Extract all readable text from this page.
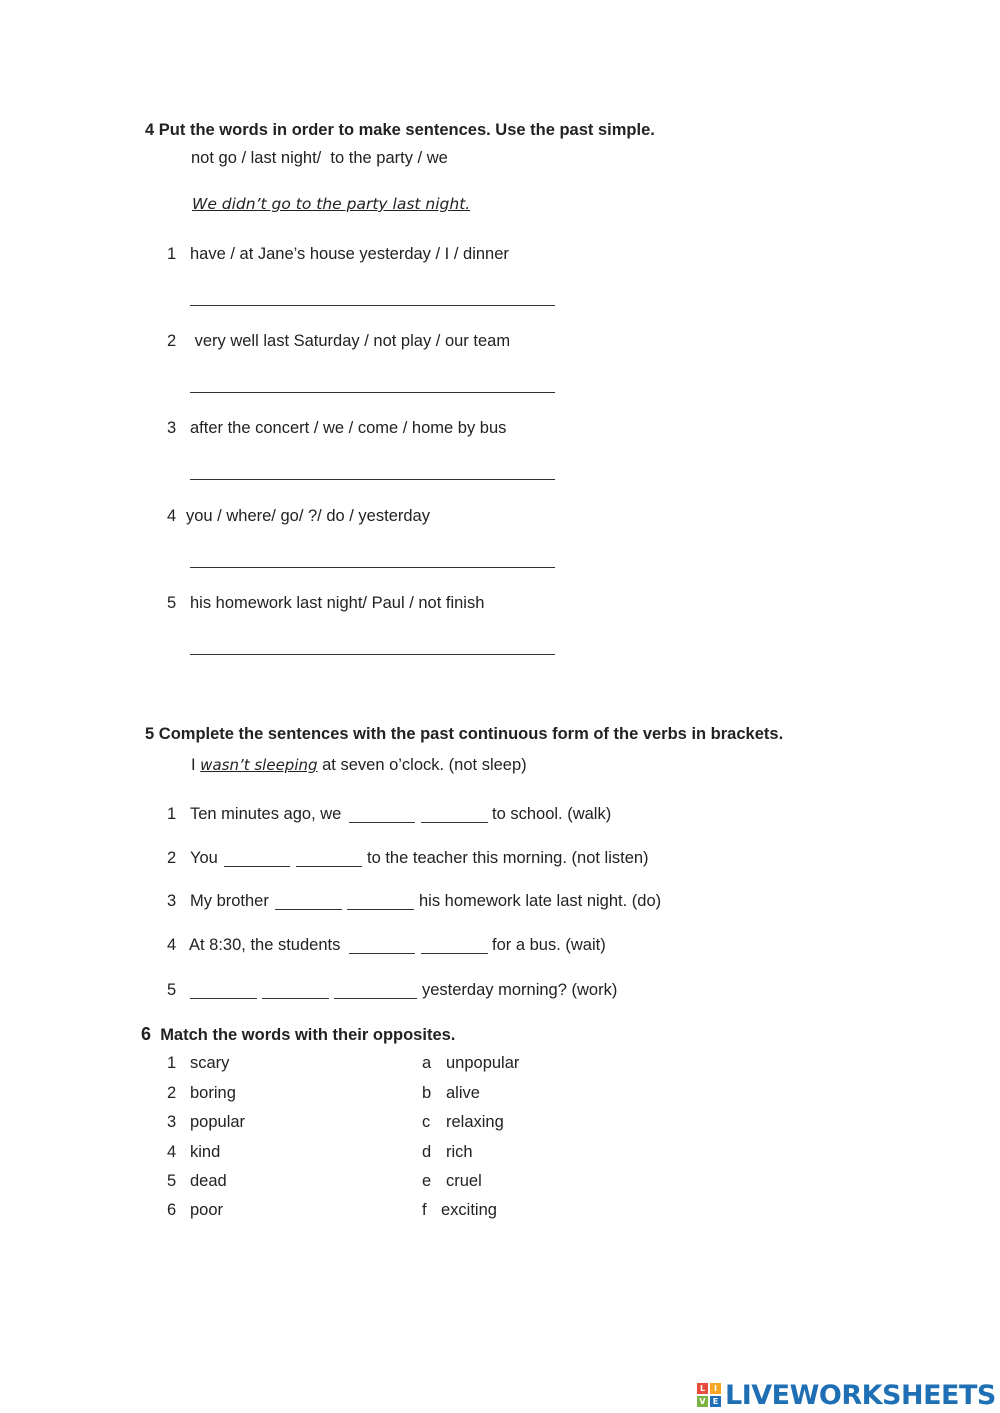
4 Put the words in order to make sentences. Use the past simple.
not go / last night/  to the party / we
We didn’t go to the party last night.
1 have / at Jane’s house yesterday / I / dinner
2 very well last Saturday / not play / our team
3 after the concert / we / come / home by bus
4 you / where/ go/ ?/ do / yesterday
5 his homework last night/ Paul / not finish
5 Complete the sentences with the past continuous form of the verbs in brackets.
I wasn’t sleeping at seven o’clock. (not sleep)
1 Ten minutes ago, we	to school. (walk)
2 You	to the teacher this morning. (not listen)
3 My brother	his homework late last night. (do)
4 At 8:30, the students	for a bus. (wait)
5	yesterday morning? (work)
6 Match the words with their opposites.
1 scary	a unpopular
2 boring	b alive
3 popular	c relaxing
4 kind	d rich
5 dead	e cruel
6 poor	f exciting
L	I
V E LIVEWORKSHEETS
